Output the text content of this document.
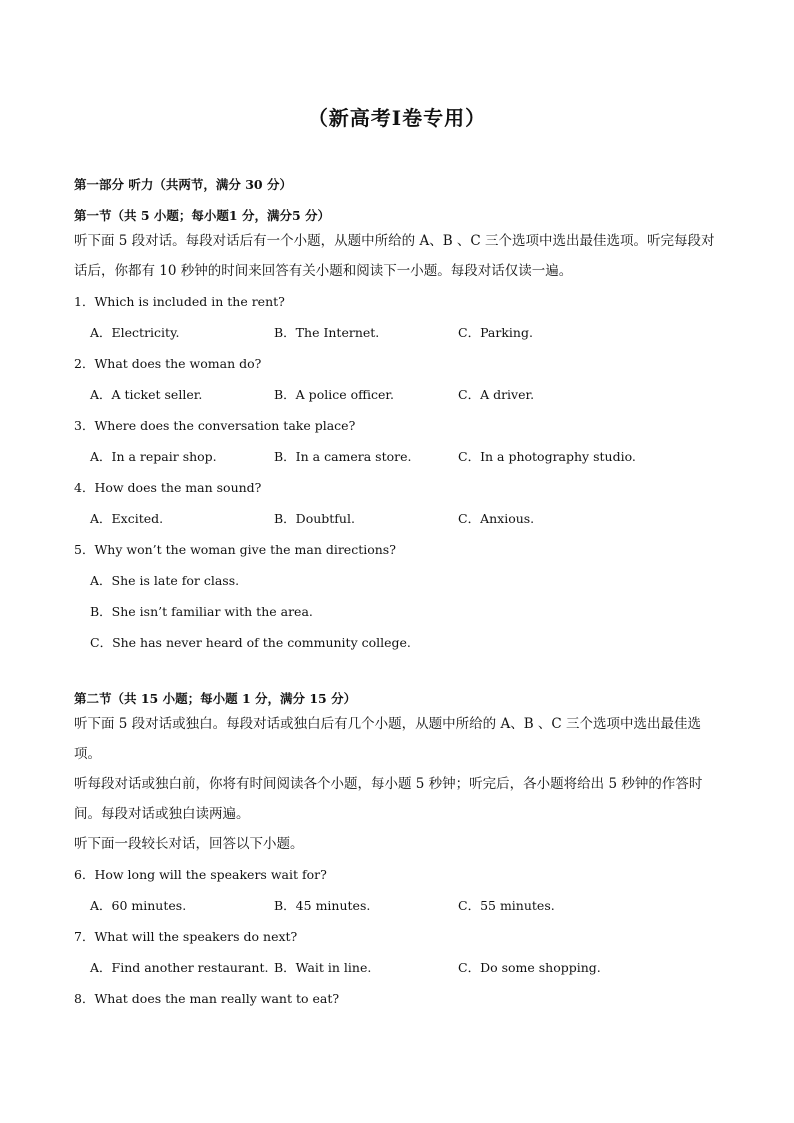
（新高考I卷专用）
第一部分 听力（共两节，满分 30 分）
第一节（共 5 小题；每小题1 分，满分5 分）
听下面 5 段对话。每段对话后有一个小题，从题中所给的 A、B 、C 三个选项中选出最佳选项。听完每段对
话后，你都有 10 秒钟的时间来回答有关小题和阅读下一小题。每段对话仅读一遍。
1．Which is included in the rent?
A．Electricity.	B．The Internet.	C．Parking.
2．What does the woman do?
A．A ticket seller.	B．A police officer.	C．A driver.
3．Where does the conversation take place?
A．In a repair shop.	B．In a camera store.	C．In a photography studio.
4．How does the man sound?
A．Excited.	B．Doubtful.	C．Anxious.
5．Why won’t the woman give the man directions?
A．She is late for class.
B．She isn’t familiar with the area.
C．She has never heard of the community college.
第二节（共 15 小题；每小题 1 分，满分 15 分）
听下面 5 段对话或独白。每段对话或独白后有几个小题，从题中所给的 A、B 、C 三个选项中选出最佳选项。
听每段对话或独白前，你将有时间阅读各个小题，每小题 5 秒钟；听完后，各小题将给出 5 秒钟的作答时
间。每段对话或独白读两遍。
听下面一段较长对话，回答以下小题。
6．How long will the speakers wait for?
A．60 minutes.	B．45 minutes.	C．55 minutes.
7．What will the speakers do next?
A．Find another restaurant. B．Wait in line.	C．Do some shopping.
8．What does the man really want to eat?
